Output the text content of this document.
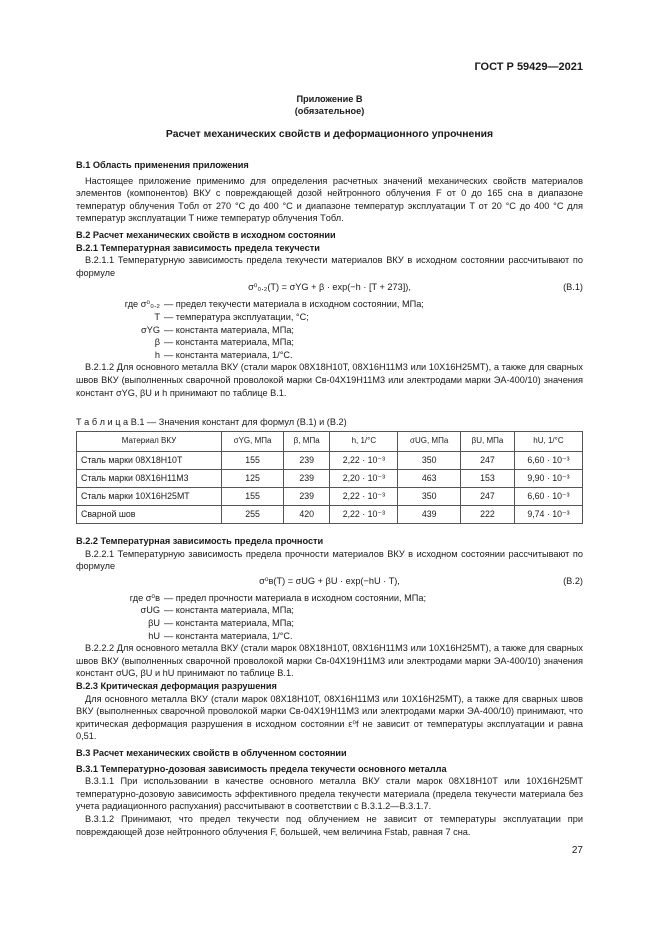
ГОСТ Р 59429—2021
Приложение В
(обязательное)
Расчет механических свойств и деформационного упрочнения

В.1 Область применения приложения

Настоящее приложение применимо для определения расчетных значений механических свойств материалов элементов (компонентов) ВКУ с повреждающей дозой нейтронного облучения F от 0 до 165 сна в диапазоне температур облучения Tобл от 270 °С до 400 °С и диапазоне температур эксплуатации T от 20 °С до 400 °С для температур эксплуатации T ниже температур облучения Tобл.

В.2 Расчет механических свойств в исходном состоянии

В.2.1 Температурная зависимость предела текучести

В.2.1.1 Температурную зависимость предела текучести материалов ВКУ в исходном состоянии рассчитывают по формуле

σ⁰₀.₂(T) = σYG + β · exp(−h · [T + 273]),	(В.1)
где σ⁰₀.₂ — предел текучести материала в исходном состоянии, МПа;
T — температура эксплуатации, °С;
σYG — константа материала, МПа;
β — константа материала, МПа;
h — константа материала, 1/°С.

В.2.1.2 Для основного металла ВКУ (стали марок 08Х18Н10Т, 08Х16Н11М3 или 10Х16Н25МТ), а также для сварных швов ВКУ (выполненных сварочной проволокой марки Св-04Х19Н11М3 или электродами марки ЭА-400/10) значения констант σYG, βU и h принимают по таблице В.1.

Т а б л и ц а В.1 — Значения констант для формул (В.1) и (В.2)
Материал ВКУ	σYG, МПа	β, МПа	h, 1/°С	σUG, МПа	βU, МПа	hU, 1/°С
Сталь марки 08Х18Н10Т	155	239	2,22 · 10⁻³	350	247	6,60 · 10⁻³
Сталь марки 08Х16Н11М3	125	239	2,20 · 10⁻³	463	153	9,90 · 10⁻³
Сталь марки 10Х16Н25МТ	155	239	2,22 · 10⁻³	350	247	6,60 · 10⁻³
Сварной шов	255	420	2,22 · 10⁻³	439	222	9,74 · 10⁻³

В.2.2 Температурная зависимость предела прочности

В.2.2.1 Температурную зависимость предела прочности материалов ВКУ в исходном состоянии рассчитывают по формуле

σ⁰в(T) = σUG + βU · exp(−hU · T),	(В.2)
где σ⁰в — предел прочности материала в исходном состоянии, МПа;
σUG — константа материала, МПа;
βU — константа материала, МПа;
hU — константа материала, 1/°С.

В.2.2.2 Для основного металла ВКУ (стали марок 08Х18Н10Т, 08Х16Н11М3 или 10Х16Н25МТ), а также для сварных швов ВКУ (выполненных сварочной проволокой марки Св-04Х19Н11М3 или электродами марки ЭА-400/10) значения констант σUG, βU и hU принимают по таблице В.1.

В.2.3 Критическая деформация разрушения

Для основного металла ВКУ (стали марок 08Х18Н10Т, 08Х16Н11М3 или 10Х16Н25МТ), а также для сварных швов ВКУ (выполненных сварочной проволокой марки Св-04Х19Н11М3 или электродами марки ЭА-400/10) принимают, что критическая деформация разрушения в исходном состоянии ε⁰f не зависит от температуры эксплуатации и равна 0,51.

В.3 Расчет механических свойств в облученном состоянии

В.3.1 Температурно-дозовая зависимость предела текучести основного металла

В.3.1.1 При использовании в качестве основного металла ВКУ стали марок 08Х18Н10Т или 10Х16Н25МТ температурно-дозовую зависимость эффективного предела текучести материала (предела текучести материала без учета радиационного распухания) рассчитывают в соответствии с В.3.1.2—В.3.1.7.

В.3.1.2 Принимают, что предел текучести под облучением не зависит от температуры эксплуатации при повреждающей дозе нейтронного облучения F, большей, чем величина Fstab, равная 7 сна.

27
